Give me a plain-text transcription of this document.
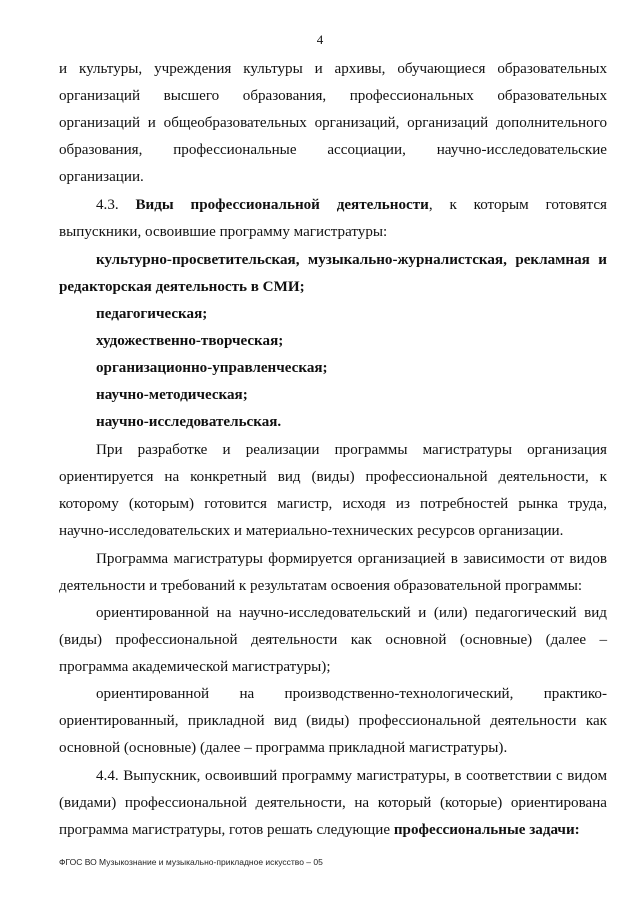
4

и культуры, учреждения культуры и архивы, обучающиеся образовательных организаций высшего образования, профессиональных образовательных организаций и общеобразовательных организаций, организаций дополнительного образования, профессиональные ассоциации, научно-исследовательские организации.

4.3. Виды профессиональной деятельности, к которым готовятся выпускники, освоившие программу магистратуры:

культурно-просветительская, музыкально-журналистская, рекламная и редакторская деятельность в СМИ;

педагогическая;

художественно-творческая;

организационно-управленческая;

научно-методическая;

научно-исследовательская.

При разработке и реализации программы магистратуры организация ориентируется на конкретный вид (виды) профессиональной деятельности, к которому (которым) готовится магистр, исходя из потребностей рынка труда, научно-исследовательских и материально-технических ресурсов организации.

Программа магистратуры формируется организацией в зависимости от видов деятельности и требований к результатам освоения образовательной программы:

ориентированной на научно-исследовательский и (или) педагогический вид (виды) профессиональной деятельности как основной (основные) (далее – программа академической магистратуры);

ориентированной на производственно-технологический, практико-ориентированный, прикладной вид (виды) профессиональной деятельности как основной (основные) (далее – программа прикладной магистратуры).

4.4. Выпускник, освоивший программу магистратуры, в соответствии с видом (видами) профессиональной деятельности, на который (которые) ориентирована программа магистратуры, готов решать следующие профессиональные задачи:

ФГОС ВО Музыкознание и музыкально-прикладное искусство – 05
